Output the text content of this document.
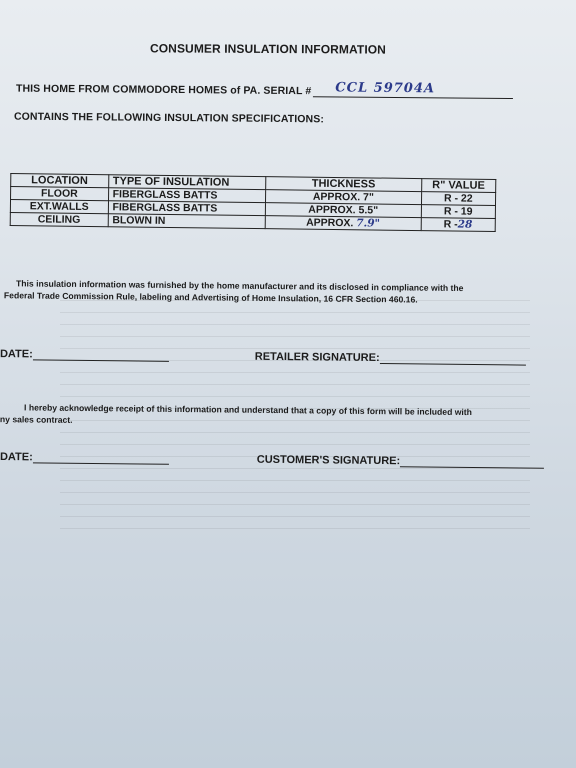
CONSUMER INSULATION INFORMATION
THIS HOME FROM COMMODORE HOMES of PA. SERIAL # CCL 59704A
CONTAINS THE FOLLOWING INSULATION SPECIFICATIONS:
LOCATION	TYPE OF INSULATION	THICKNESS	R" VALUE
FLOOR	FIBERGLASS BATTS	APPROX. 7"	R - 22
EXT.WALLS	FIBERGLASS BATTS	APPROX. 5.5"	R - 19
CEILING	BLOWN IN	APPROX. 7.9"	R -28
This insulation information was furnished by the home manufacturer and its disclosed in compliance with the
Federal Trade Commission Rule, labeling and Advertising of Home Insulation, 16 CFR Section 460.16.
DATE:	RETAILER SIGNATURE:
I hereby acknowledge receipt of this information and understand that a copy of this form will be included with
ny sales contract.
DATE:	CUSTOMER'S SIGNATURE:
